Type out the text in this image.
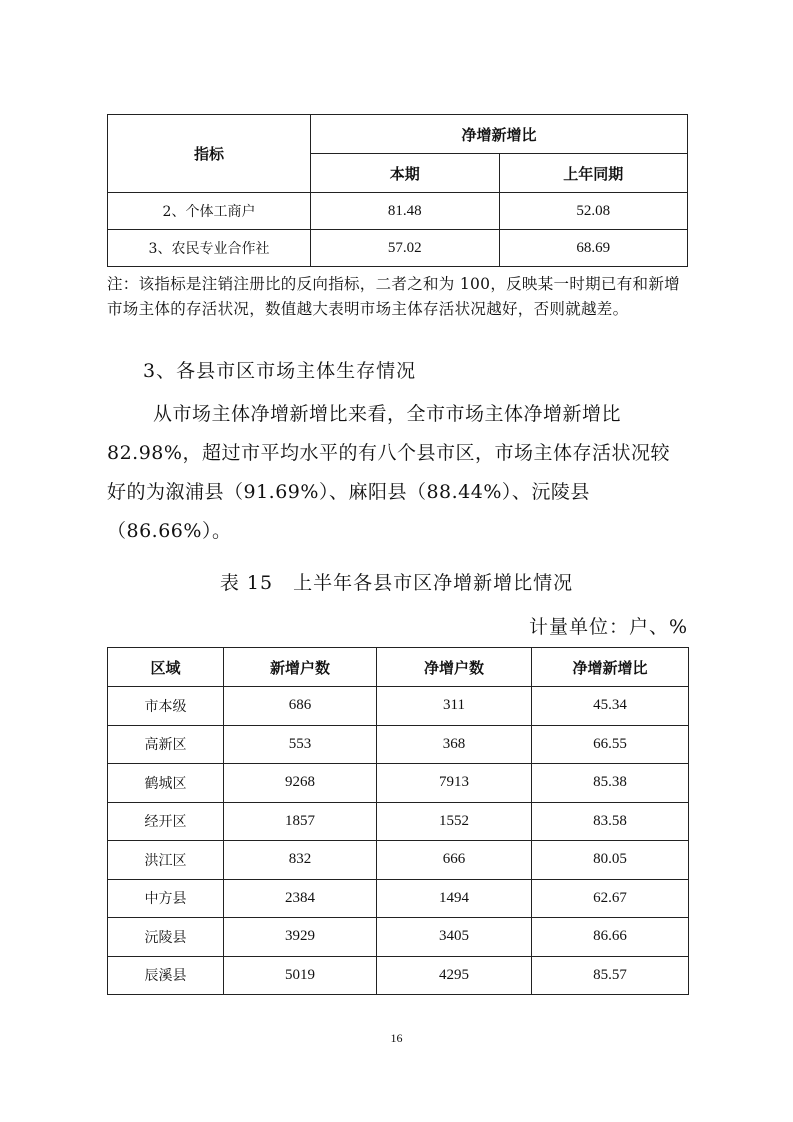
指标	净增新增比	
	本期	上年同期
2、个体工商户	81.48	52.08
3、农民专业合作社	57.02	68.69
注：该指标是注销注册比的反向指标，二者之和为 100，反映某一时期已有和新增市场主体的存活状况，数值越大表明市场主体存活状况越好，否则就越差。
3、各县市区市场主体生存情况
从市场主体净增新增比来看，全市市场主体净增新增比82.98%，超过市平均水平的有八个县市区，市场主体存活状况较好的为溆浦县（91.69%）、麻阳县（88.44%）、沅陵县（86.66%）。
表 15　上半年各县市区净增新增比情况
计量单位：户、%
区域	新增户数	净增户数	净增新增比
市本级	686	311	45.34
高新区	553	368	66.55
鹤城区	9268	7913	85.38
经开区	1857	1552	83.58
洪江区	832	666	80.05
中方县	2384	1494	62.67
沅陵县	3929	3405	86.66
辰溪县	5019	4295	85.57
16
